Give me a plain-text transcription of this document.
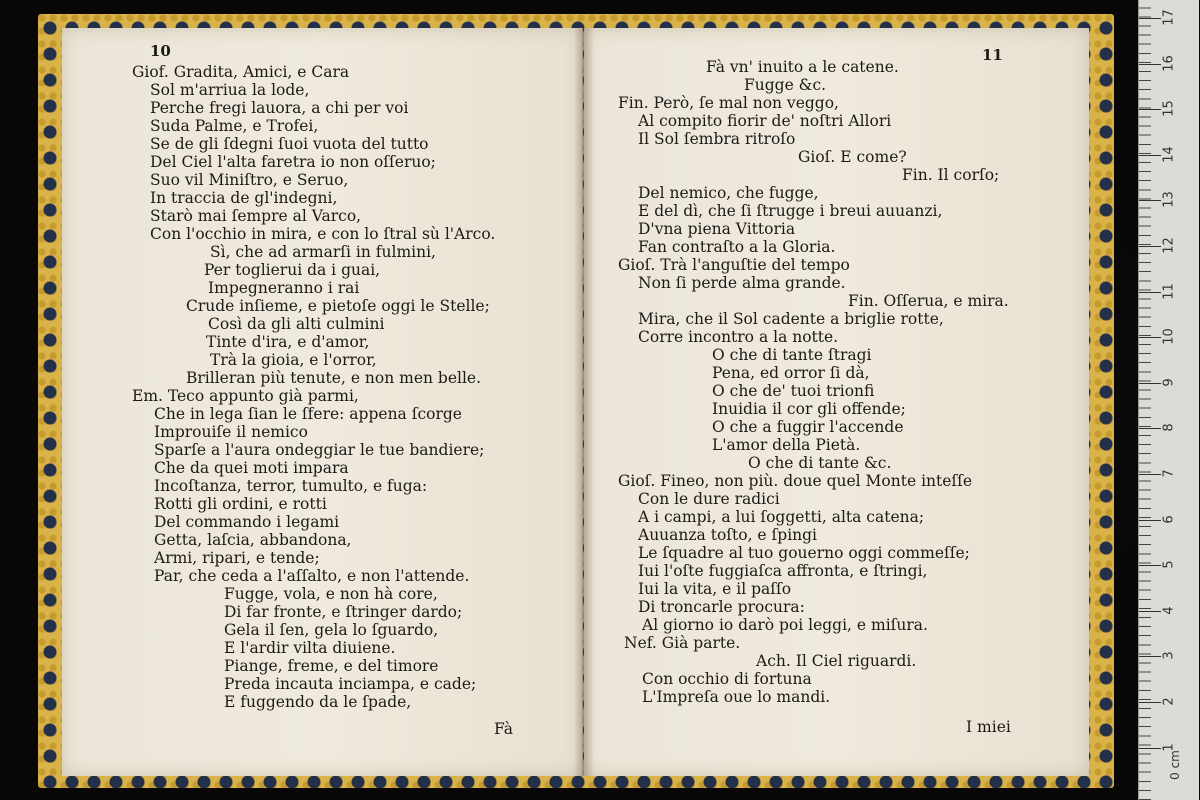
10
Giof. Gradita, Amici, e Cara
Sol m'arriua la lode,
Perche fregi lauora, a chi per voi
Suda Palme, e Trofei,
Se de gli ſdegni ſuoi vuota del tutto
Del Ciel l'alta faretra io non oſſeruo;
Suo vil Miniſtro, e Seruo,
In traccia de gl'indegni,
Starò mai ſempre al Varco,
Con l'occhio in mira, e con lo ſtral sù l'Arco.
Sì, che ad armarſi in fulmini,
Per toglierui da i guai,
Impegneranno i rai
Crude inſieme, e pietoſe oggi le Stelle;
Così da gli alti culmini
Tinte d'ira, e d'amor,
Trà la gioia, e l'orror,
Brilleran più tenute, e non men belle.
Em. Teco appunto già parmi,
Che in lega ſian le ſfere: appena ſcorge
Improuiſe il nemico
Sparſe a l'aura ondeggiar le tue bandiere;
Che da quei moti impara
Incoſtanza, terror, tumulto, e fuga:
Rotti gli ordini, e rotti
Del commando i legami
Getta, laſcia, abbandona,
Armi, ripari, e tende;
Par, che ceda a l'aſſalto, e non l'attende.
Fugge, vola, e non hà core,
Di far fronte, e ſtringer dardo;
Gela il ſen, gela lo ſguardo,
E l'ardir vilta diuiene.
Piange, freme, e del timore
Preda incauta inciampa, e cade;
E fuggendo da le ſpade,
Fà
11
Fà vn' inuito a le catene.
Fugge &c.
Fin. Però, ſe mal non veggo,
Al compito fiorir de' noſtri Allori
Il Sol ſembra ritroſo
Gioſ. E come?
Fin. Il corſo;
Del nemico, che fugge,
E del dì, che ſi ſtrugge i breui auuanzi,
D'vna piena Vittoria
Fan contraſto a la Gloria.
Gioſ. Trà l'anguſtie del tempo
Non ſi perde alma grande.
Fin. Oſſerua, e mira.
Mira, che il Sol cadente a briglie rotte,
Corre incontro a la notte.
O che di tante ſtragi
Pena, ed orror ſi dà,
O che de' tuoi trionfi
Inuidia il cor gli offende;
O che a fuggir l'accende
L'amor della Pietà.
O che di tante &c.
Gioſ. Fineo, non più. doue quel Monte inteſſe
Con le dure radici
A i campi, a lui ſoggetti, alta catena;
Auuanza toſto, e ſpingi
Le ſquadre al tuo gouerno oggi commeſſe;
Iui l'oſte fuggiaſca affronta, e ſtringi,
Iui la vita, e il paſſo
Di troncarle procura:
Al giorno io darò poi leggi, e miſura.
Nef. Già parte.
Ach. Il Ciel riguardi.
Con occhio di fortuna
L'Impreſa oue lo mandi.
I miei
17
16
15
14
13
12
11
10
9
8
7
6
5
4
3
2
1
0 cm
